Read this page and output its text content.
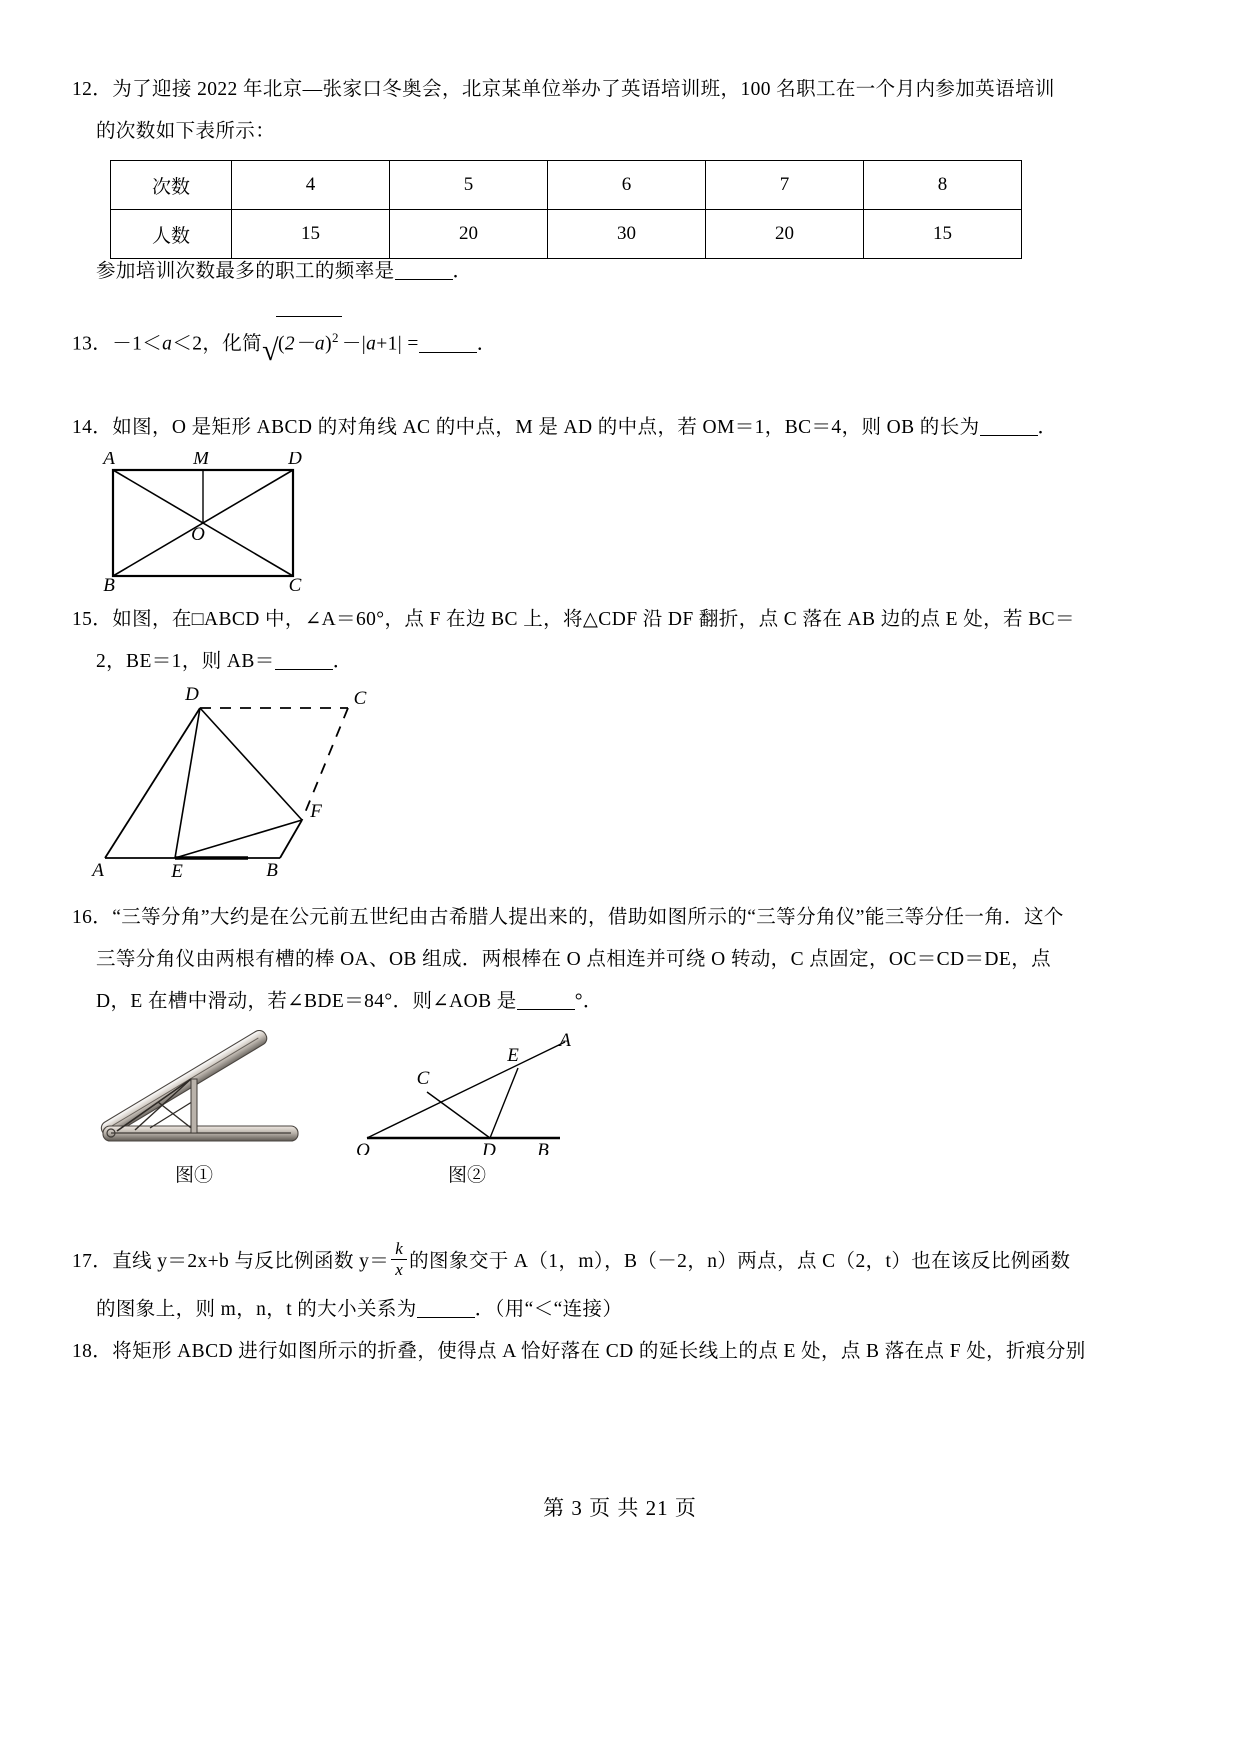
12．为了迎接 2022 年北京―张家口冬奥会，北京某单位举办了英语培训班，100 名职工在一个月内参加英语培训
的次数如下表所示：
次数	4	5	6	7	8
人数	15	20	30	20	15
参加培训次数最多的职工的频率是	．
13．－1＜a＜2，化简$√(2-a)^2 -|a+1|$ =	．
14．如图，O 是矩形 ABCD 的对角线 AC 的中点，M 是 AD 的中点，若 OM＝1，BC＝4，则 OB 的长为	．
A	M	D
O
B	C
15．如图，在□ABCD 中，∠A＝60°，点 F 在边 BC 上，将△CDF 沿 DF 翻折，点 C 落在 AB 边的点 E 处，若 BC＝
2，BE＝1，则 AB＝	．
D	C
F
A	E	B
16．“三等分角”大约是在公元前五世纪由古希腊人提出来的，借助如图所示的“三等分角仪”能三等分任一角．这个
三等分角仪由两根有槽的棒 OA、OB 组成．两根棒在 O 点相连并可绕 O 转动，C 点固定，OC＝CD＝DE，点
D，E 在槽中滑动，若∠BDE＝84°．则∠AOB 是	°．
图①
C
E
A
O	D B
图②
17．直线 y＝2x+b 与反比例函数 $y= \frac{k}{x}$ 的图象交于 A（1，m），B（－2，n）两点，点 C（2，t）也在该反比例函数
的图象上，则 m，n，t 的大小关系为	．（用“＜“连接）
18．将矩形 ABCD 进行如图所示的折叠，使得点 A 恰好落在 CD 的延长线上的点 E 处，点 B 落在点 F 处，折痕分别
第 3 页 共 21 页
